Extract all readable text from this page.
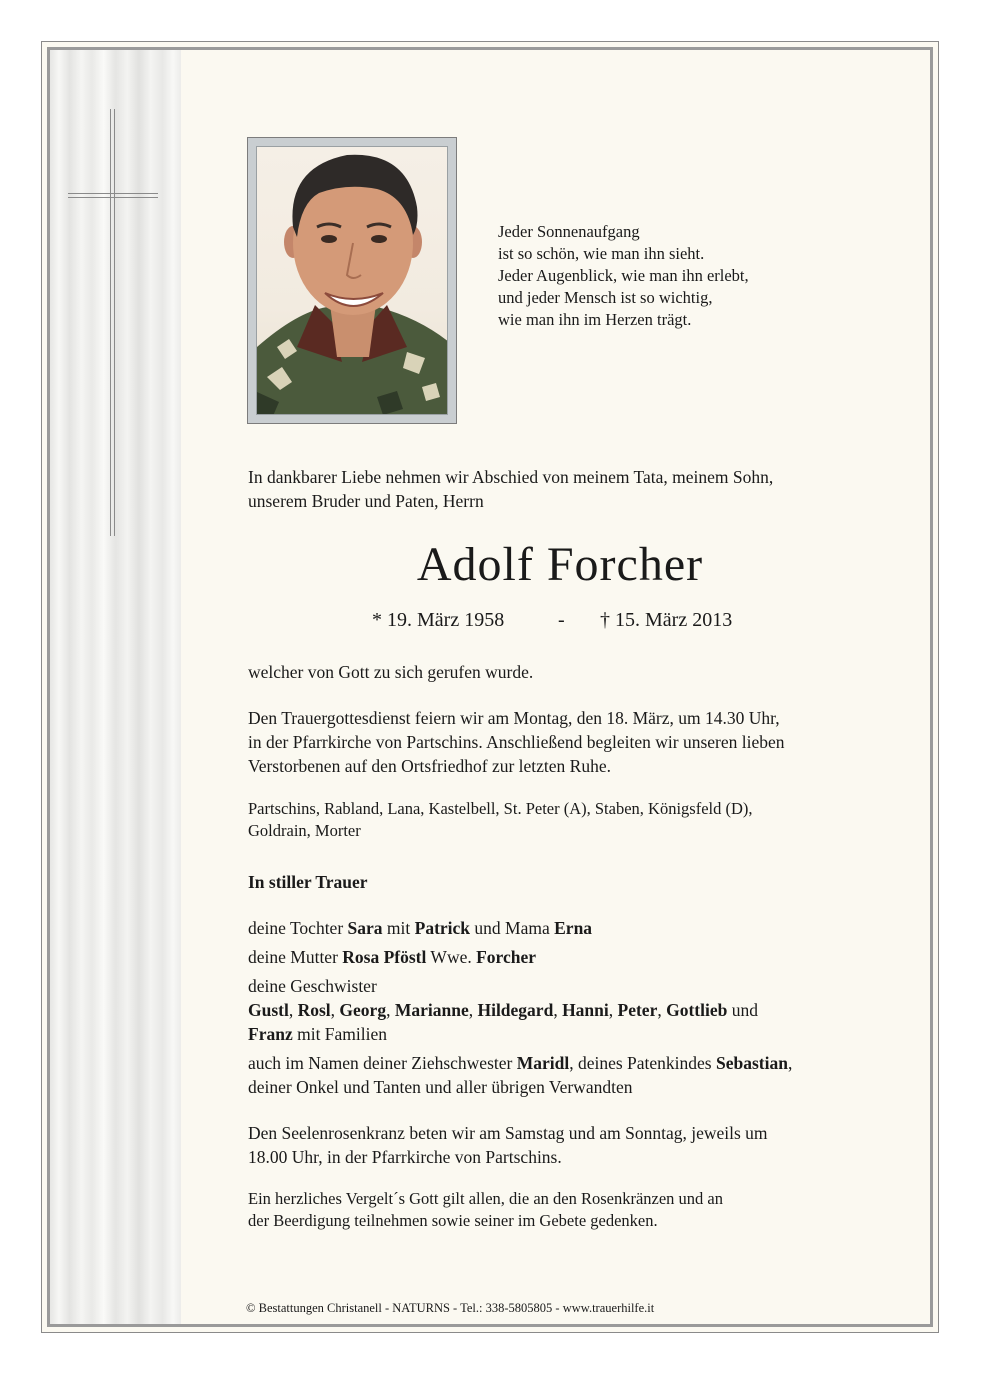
Jeder Sonnenaufgang
ist so schön, wie man ihn sieht.
Jeder Augenblick, wie man ihn erlebt,
und jeder Mensch ist so wichtig,
wie man ihn im Herzen trägt.
In dankbarer Liebe nehmen wir Abschied von meinem Tata, meinem Sohn,
unserem Bruder und Paten, Herrn
Adolf Forcher
* 19. März 1958	- † 15. März 2013
welcher von Gott zu sich gerufen wurde.
Den Trauergottesdienst feiern wir am Montag, den 18. März, um 14.30 Uhr,
in der Pfarrkirche von Partschins. Anschließend begleiten wir unseren lieben
Verstorbenen auf den Ortsfriedhof zur letzten Ruhe.
Partschins, Rabland, Lana, Kastelbell, St. Peter (A), Staben, Königsfeld (D),
Goldrain, Morter
In stiller Trauer
deine Tochter Sara mit Patrick und Mama Erna
deine Mutter Rosa Pföstl Wwe. Forcher
deine Geschwister
Gustl, Rosl, Georg, Marianne, Hildegard, Hanni, Peter, Gottlieb und
Franz mit Familien
auch im Namen deiner Ziehschwester Maridl, deines Patenkindes Sebastian,
deiner Onkel und Tanten und aller übrigen Verwandten
Den Seelenrosenkranz beten wir am Samstag und am Sonntag, jeweils um
18.00 Uhr, in der Pfarrkirche von Partschins.
Ein herzliches Vergelt´s Gott gilt allen, die an den Rosenkränzen und an
der Beerdigung teilnehmen sowie seiner im Gebete gedenken.
© Bestattungen Christanell - NATURNS - Tel.: 338-5805805 - www.trauerhilfe.it
